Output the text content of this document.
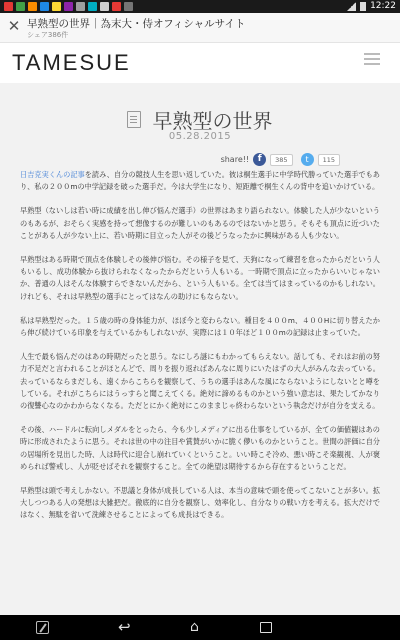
12:22
✕ 早熟型の世界｜為末大・侍オフィシャルサイト
シェア386件
TAMESUE
早熟型の世界
05.28.2015
share!! f	385	t	115

日吉克実くんの記事を読み、自分の競技人生を思い返していた。彼は桐生選手に中学時代勝っていた選手でもあり、私の２００mの中学記録を破った選手だ。今は大学生になり、短距離で桐生くんの背中を追いかけている。

早熟型（ないしは若い時に成績を出し伸び悩んだ選手）の世界はあまり語られない。体験した人が少ないというのもあるが、おそらく実感を持って想像するのが難しいのもあるのではないかと思う。そもそも頂点に近づいたことがある人が少ない上に、若い時期に目立った人がその後どうなったかに興味がある人も少ない。

早熟型はある時期で頂点を体験しその後伸び悩む。その様子を見て、天狗になって練習を怠ったからだという人もいるし、成功体験から抜けられなくなったからだという人もいる。一時期で頂点に立ったからいいじゃないか、普通の人はそんな体験すらできないんだから、という人もいる。全ては当てはまっているのかもしれない。けれども、それは早熟型の選手にとってはなんの助けにもならない。

私は早熟型だった。１５歳の時の身体能力が、ほぼ今と変わらない。種目を４００m、４００Hに切り替えたから伸び続けている印象を与えているかもしれないが、実際には１０年ほど１００mの記録は止まっていた。

人生で最も悩んだのはあの時期だったと思う。なにしろ謎にもわかってもらえない。話しても、それはお前の努力不足だと言われることがほとんどで、周りを振り返ればあんなに周りにいたはずの大人がみんな去っている。去っているならまだしも、遠くからこちらを観察して、うちの選手はあんな風にならないようにしないとと噂をしている。それがこちらにはうっすらと聞こえてくる。絶対に諦めるものかという強い意志は、果たしてかなりの復讐心なのかわからなくなる。ただとにかく絶対にこのままじゃ終わらないという執念だけが自分を支える。

その後、ハードルに転向しメダルをとったら、今も少しメディアに出る仕事をしているが、全ての価値観はあの時に形成されたように思う。それは世の中の注目や賞賛がいかに脆く儚いものかということ。世間の評価に自分の居場所を見出した時、人は時代に迎合し崩れていくということ。いい時こそ冷め、悪い時こそ楽観視、人が褒められば警戒し、人が貶せばそれを観察すること。全ての絶望は期待するから存在するということだ。

早熟型は頭で考えしかない。不思議と身体が成長している人は、本当の意味で頭を使ってこないことが多い。拡大しつつある人の発想は大雑把だ。徹底的に自分を観察し、効率化し、自分なりの戦い方を考える。拡大だけではなく、無駄を省いて洗練させることによっても成長はできる。

↩	⌂
